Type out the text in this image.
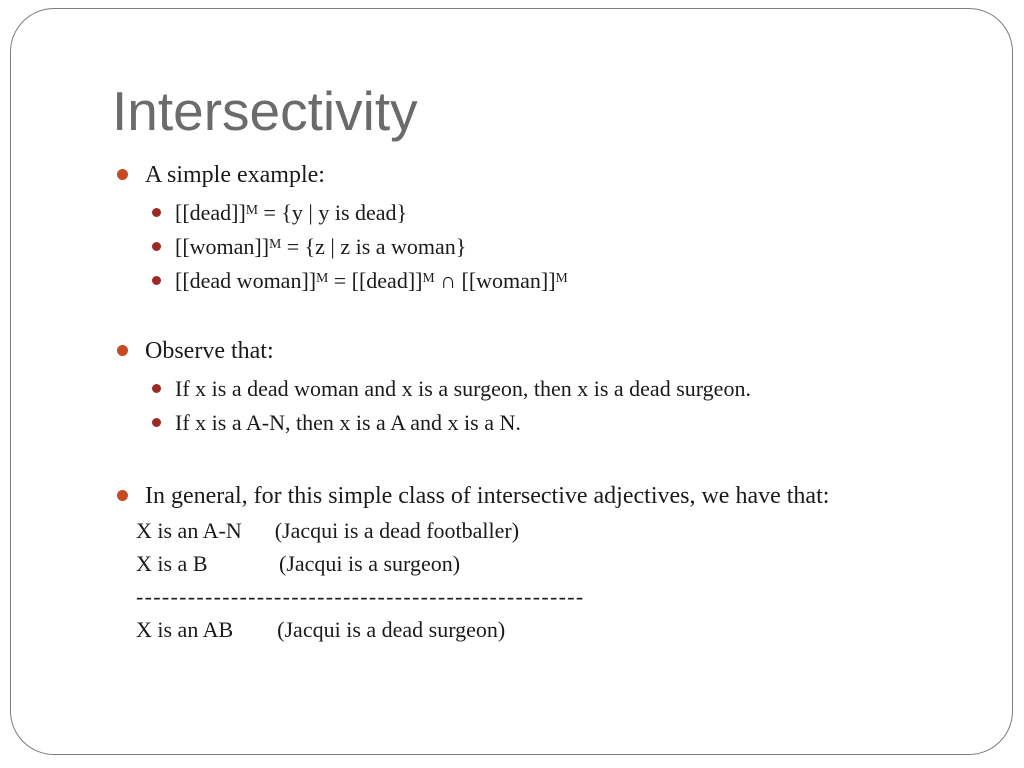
Intersectivity
A simple example:
[[dead]]$^M$ = {y | y is dead}
[[woman]]$^M$ = {z | z is a woman}
[[dead woman]]$^M$ = [[dead]]$^M$ ∩ [[woman]]$^M$
Observe that:
If x is a dead woman and x is a surgeon, then x is a dead surgeon.
If x is a A-N, then x is a A and x is a N.
In general, for this simple class of intersective adjectives, we have that:
X is an A-N      (Jacqui is a dead footballer)
X is a B             (Jacqui is a surgeon)
----------------------------------------------------
X is an AB        (Jacqui is a dead surgeon)
